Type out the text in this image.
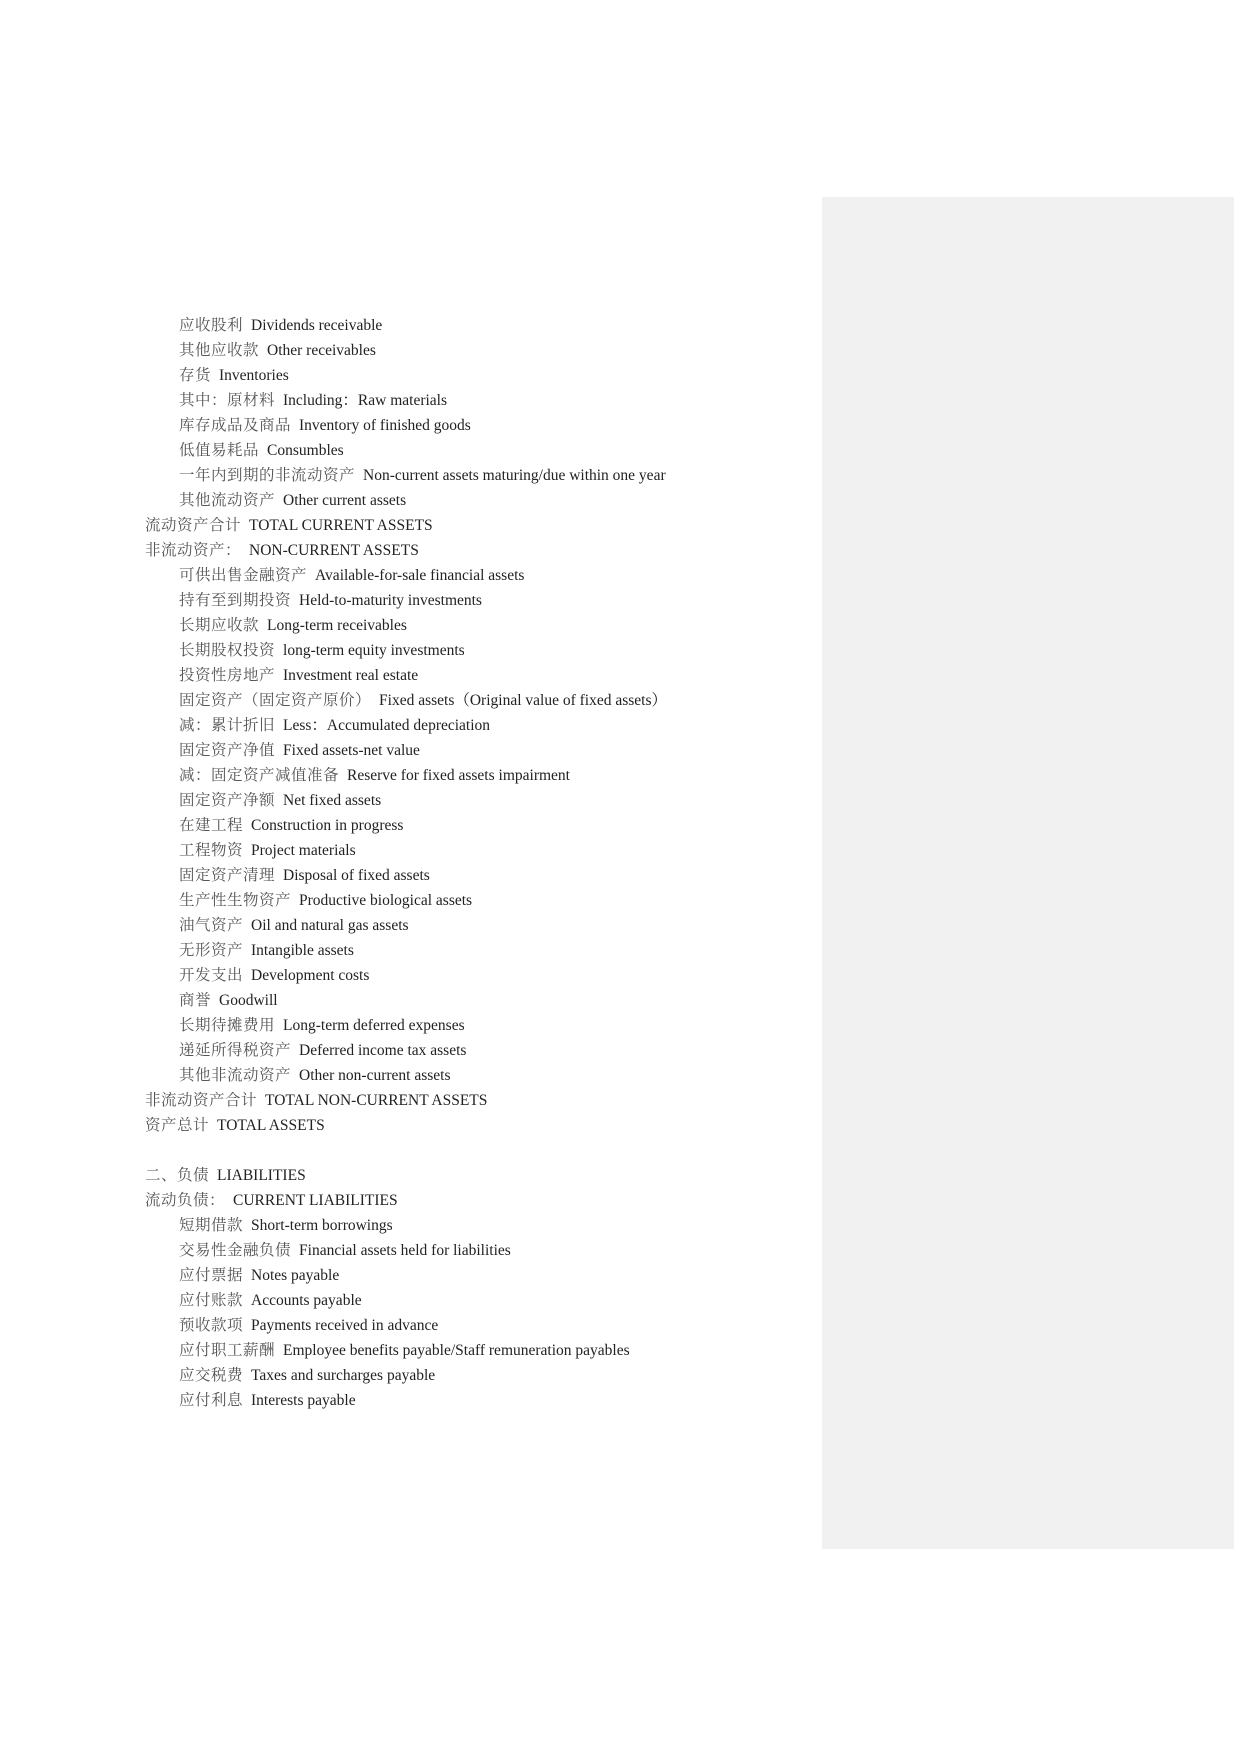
应收股利 Dividends receivable
其他应收款 Other receivables
存货 Inventories
其中：原材料 Including：Raw materials
库存成品及商品 Inventory of finished goods
低值易耗品 Consumbles
一年内到期的非流动资产 Non-current assets maturing/due within one year
其他流动资产 Other current assets
流动资产合计 TOTAL CURRENT ASSETS
非流动资产： NON-CURRENT ASSETS
可供出售金融资产 Available-for-sale financial assets
持有至到期投资 Held-to-maturity investments
长期应收款 Long-term receivables
长期股权投资 long-term equity investments
投资性房地产 Investment real estate
固定资产（固定资产原价） Fixed assets（Original value of fixed assets）
减：累计折旧 Less：Accumulated depreciation
固定资产净值 Fixed assets-net value
减：固定资产减值准备 Reserve for fixed assets impairment
固定资产净额 Net fixed assets
在建工程 Construction in progress
工程物资 Project materials
固定资产清理 Disposal of fixed assets
生产性生物资产 Productive biological assets
油气资产 Oil and natural gas assets
无形资产 Intangible assets
开发支出 Development costs
商誉 Goodwill
长期待摊费用 Long-term deferred expenses
递延所得税资产 Deferred income tax assets
其他非流动资产 Other non-current assets
非流动资产合计 TOTAL NON-CURRENT ASSETS
资产总计 TOTAL ASSETS
二、负债 LIABILITIES
流动负债： CURRENT LIABILITIES
短期借款 Short-term borrowings
交易性金融负债 Financial assets held for liabilities
应付票据 Notes payable
应付账款 Accounts payable
预收款项 Payments received in advance
应付职工薪酬 Employee benefits payable/Staff remuneration payables
应交税费 Taxes and surcharges payable
应付利息 Interests payable
